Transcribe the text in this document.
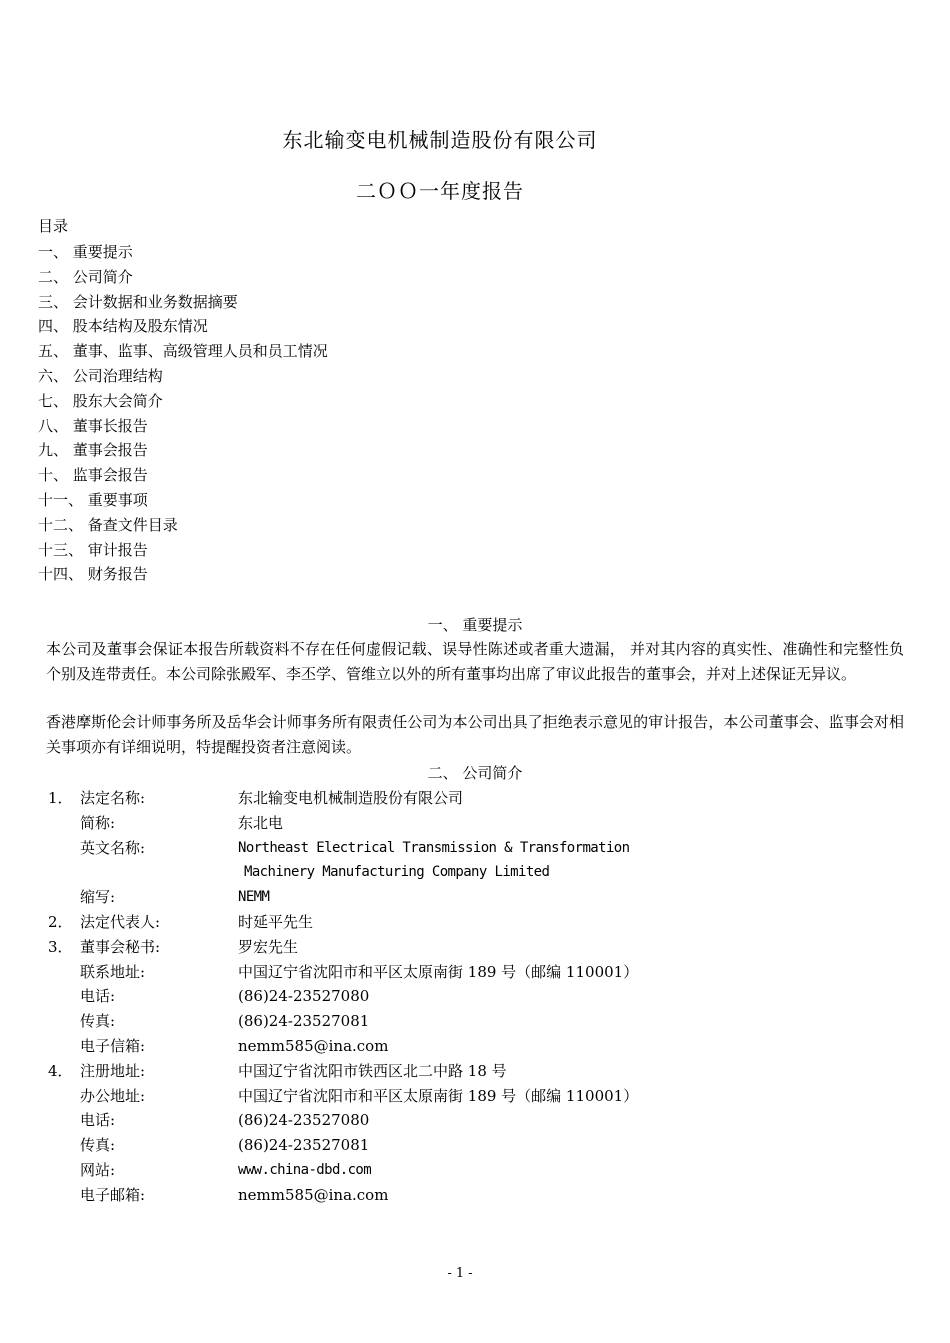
东北输变电机械制造股份有限公司
二ＯＯ一年度报告
目录
一、 重要提示
二、 公司简介
三、 会计数据和业务数据摘要
四、 股本结构及股东情况
五、 董事、监事、高级管理人员和员工情况
六、 公司治理结构
七、 股东大会简介
八、 董事长报告
九、 董事会报告
十、 监事会报告
十一、 重要事项
十二、 备查文件目录
十三、 审计报告
十四、 财务报告
一、 重要提示

本公司及董事会保证本报告所载资料不存在任何虚假记载、误导性陈述或者重大遗漏， 并对其内容的真实性、准确性和完整性负个别及连带责任。本公司除张殿军、李丕学、管维立以外的所有董事均出席了审议此报告的董事会，并对上述保证无异议。

香港摩斯伦会计师事务所及岳华会计师事务所有限责任公司为本公司出具了拒绝表示意见的审计报告，本公司董事会、监事会对相关事项亦有详细说明，特提醒投资者注意阅读。

二、 公司简介
1． 法定名称:	东北输变电机械制造股份有限公司
简称:	东北电
英文名称:	Northeast Electrical Transmission & Transformation
Machinery Manufacturing Company Limited
缩写:	NEMM
2． 法定代表人:	时延平先生
3． 董事会秘书:	罗宏先生
联系地址:	中国辽宁省沈阳市和平区太原南街 189 号（邮编 110001）
电话:	(86)24-23527080
传真:	(86)24-23527081
电子信箱:	nemm585@ina.com
4． 注册地址:	中国辽宁省沈阳市铁西区北二中路 18 号
办公地址:	中国辽宁省沈阳市和平区太原南街 189 号（邮编 110001）
电话:	(86)24-23527080
传真:	(86)24-23527081
网站:	www.china-dbd.com
电子邮箱:	nemm585@ina.com
- 1 -
